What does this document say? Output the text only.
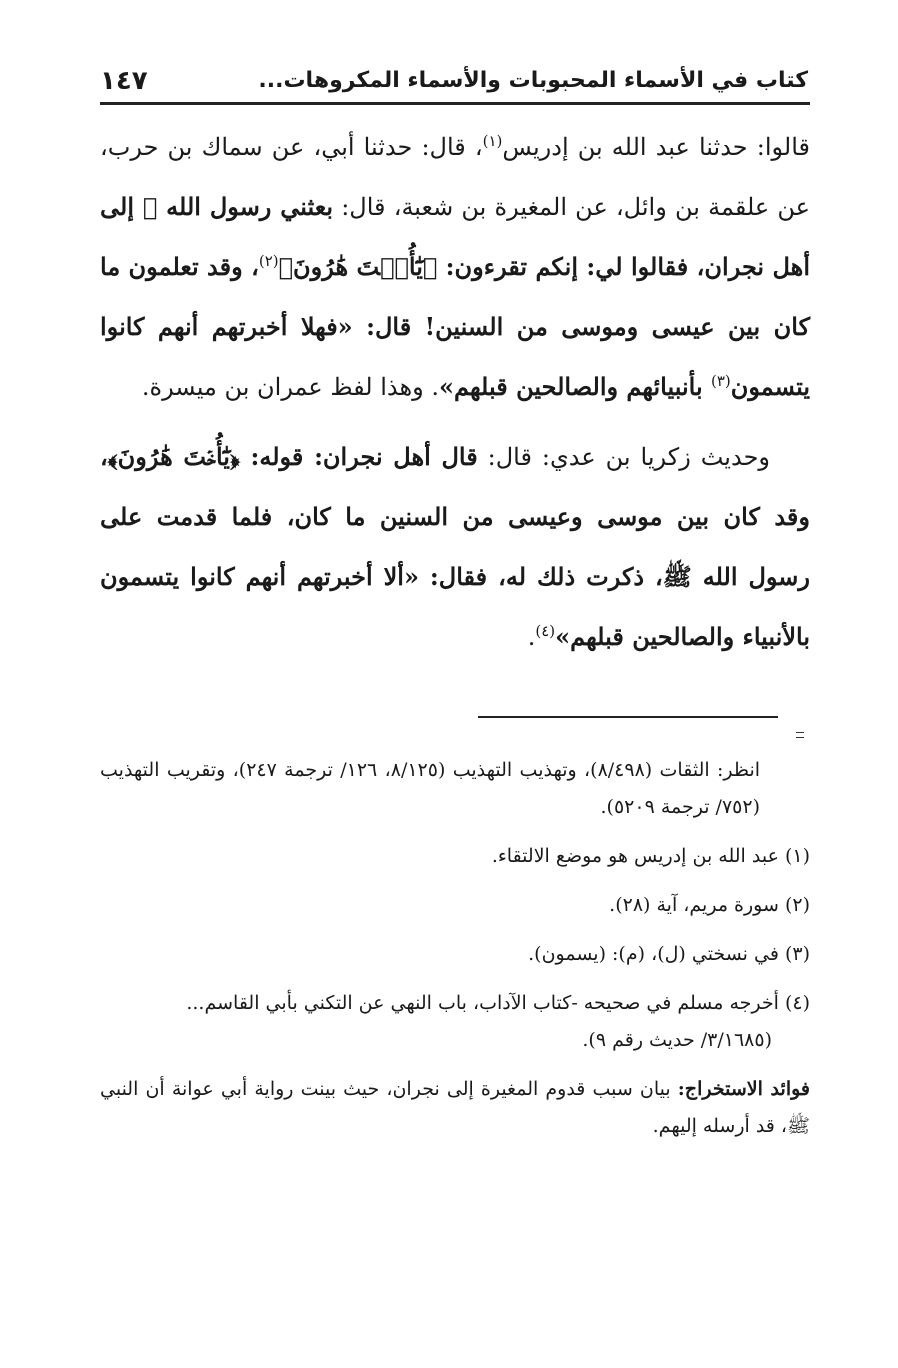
كتاب في الأسماء المحبوبات والأسماء المكروهات...
١٤٧

قالوا: حدثنا عبد الله بن إدريس$^{(١)}$، قال: حدثنا أبي، عن سماك بن حرب، عن علقمة بن وائل، عن المغيرة بن شعبة، قال: بعثني رسول الله ﷺ إلى أهل نجران، فقالوا لي: إنكم تقرءون: ﴿يَٰٓأُخۡتَ هَٰرُونَ﴾$^{(٢)}$، وقد تعلمون ما كان بين عيسى وموسى من السنين! قال: «فهلا أخبرتهم أنهم كانوا يتسمون$^{(٣)}$ بأنبيائهم والصالحين قبلهم». وهذا لفظ عمران بن ميسرة.

وحديث زكريا بن عدي: قال: قال أهل نجران: قوله: ﴿يَٰٓأُخۡتَ هَٰرُونَ﴾، وقد كان بين موسى وعيسى من السنين ما كان، فلما قدمت على رسول الله ﷺ، ذكرت ذلك له، فقال: «ألا أخبرتهم أنهم كانوا يتسمون بالأنبياء والصالحين قبلهم»$^{(٤)}$.

انظر: الثقات (٨/٤٩٨)، وتهذيب التهذيب (٨/١٢٥، ١٢٦/ ترجمة ٢٤٧)، وتقريب التهذيب (٧٥٢/ ترجمة ٥٢٠٩).

(١) عبد الله بن إدريس هو موضع الالتقاء.

(٢) سورة مريم، آية (٢٨).

(٣) في نسختي (ل)، (م): (يسمون).

(٤) أخرجه مسلم في صحيحه -كتاب الآداب، باب النهي عن التكني بأبي القاسم...
(٣/١٦٨٥/ حديث رقم ٩).

فوائد الاستخراج: بيان سبب قدوم المغيرة إلى نجران، حيث بينت رواية أبي عوانة أن النبي ﷺ، قد أرسله إليهم.
